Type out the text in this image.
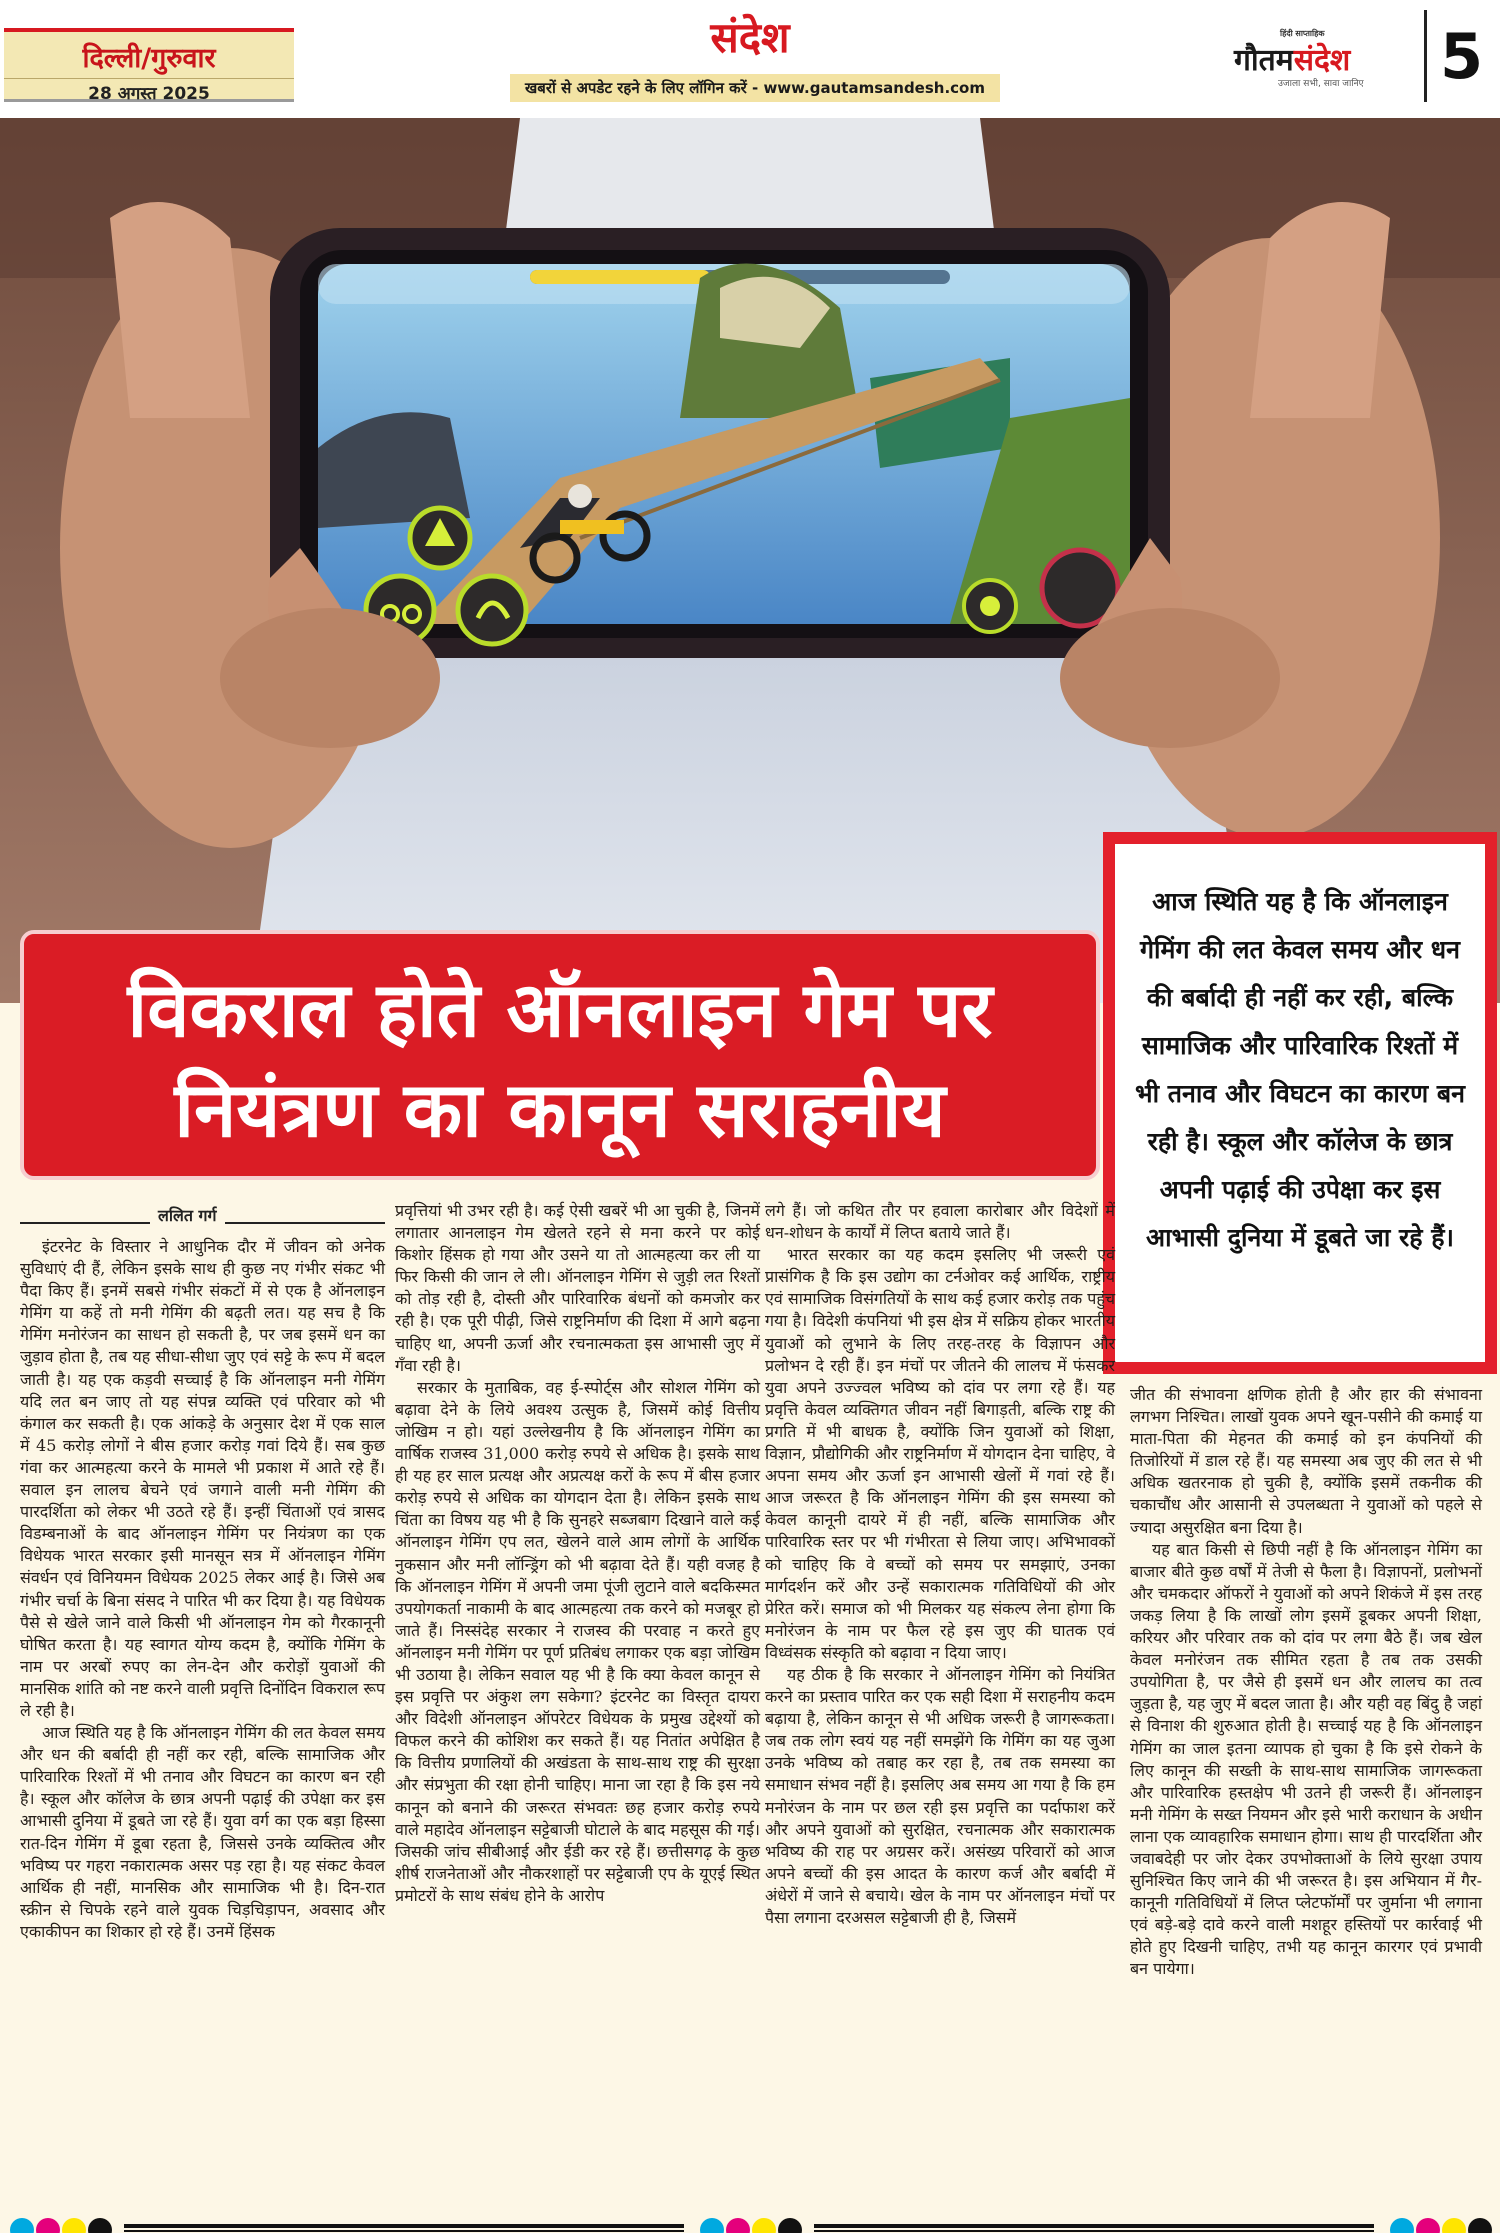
दिल्ली/गुरुवार
28 अगस्त 2025
संदेश
खबरों से अपडेट रहने के लिए लॉगिन करें - www.gautamsandesh.com
हिंदी साप्ताहिक
गौतमसंदेश
उजाला सभी, सावा जानिए 5
विकराल होते ऑनलाइन गेम पर
नियंत्रण का कानून सराहनीय
आज स्थिति यह है कि ऑनलाइन गेमिंग की लत केवल समय और धन की बर्बादी ही नहीं कर रही, बल्कि सामाजिक और पारिवारिक रिश्तों में भी तनाव और विघटन का कारण बन रही है। स्कूल और कॉलेज के छात्र अपनी पढ़ाई की उपेक्षा कर इस आभासी दुनिया में डूबते जा रहे हैं।
ललित गर्ग

इंटरनेट के विस्तार ने आधुनिक दौर में जीवन को अनेक सुविधाएं दी हैं, लेकिन इसके साथ ही कुछ नए गंभीर संकट भी पैदा किए हैं। इनमें सबसे गंभीर संकटों में से एक है ऑनलाइन गेमिंग या कहें तो मनी गेमिंग की बढ़ती लत। यह सच है कि गेमिंग मनोरंजन का साधन हो सकती है, पर जब इसमें धन का जुड़ाव होता है, तब यह सीधा-सीधा जुए एवं सट्टे के रूप में बदल जाती है। यह एक कड़वी सच्चाई है कि ऑनलाइन मनी गेमिंग यदि लत बन जाए तो यह संपन्न व्यक्ति एवं परिवार को भी कंगाल कर सकती है। एक आंकड़े के अनुसार देश में एक साल में 45 करोड़ लोगों ने बीस हजार करोड़ गवां दिये हैं। सब कुछ गंवा कर आत्महत्या करने के मामले भी प्रकाश में आते रहे हैं। सवाल इन लालच बेचने एवं जगाने वाली मनी गेमिंग की पारदर्शिता को लेकर भी उठते रहे हैं। इन्हीं चिंताओं एवं त्रासद विडम्बनाओं के बाद ऑनलाइन गेमिंग पर नियंत्रण का एक विधेयक भारत सरकार इसी मानसून सत्र में ऑनलाइन गेमिंग संवर्धन एवं विनियमन विधेयक 2025 लेकर आई है। जिसे अब गंभीर चर्चा के बिना संसद ने पारित भी कर दिया है। यह विधेयक पैसे से खेले जाने वाले किसी भी ऑनलाइन गेम को गैरकानूनी घोषित करता है। यह स्वागत योग्य कदम है, क्योंकि गेमिंग के नाम पर अरबों रुपए का लेन-देन और करोड़ों युवाओं की मानसिक शांति को नष्ट करने वाली प्रवृत्ति दिनोंदिन विकराल रूप ले रही है।

आज स्थिति यह है कि ऑनलाइन गेमिंग की लत केवल समय और धन की बर्बादी ही नहीं कर रही, बल्कि सामाजिक और पारिवारिक रिश्तों में भी तनाव और विघटन का कारण बन रही है। स्कूल और कॉलेज के छात्र अपनी पढ़ाई की उपेक्षा कर इस आभासी दुनिया में डूबते जा रहे हैं। युवा वर्ग का एक बड़ा हिस्सा रात-दिन गेमिंग में डूबा रहता है, जिससे उनके व्यक्तित्व और भविष्य पर गहरा नकारात्मक असर पड़ रहा है। यह संकट केवल आर्थिक ही नहीं, मानसिक और सामाजिक भी है। दिन-रात स्क्रीन से चिपके रहने वाले युवक चिड़चिड़ापन, अवसाद और एकाकीपन का शिकार हो रहे हैं। उनमें हिंसक

प्रवृत्तियां भी उभर रही है। कई ऐसी खबरें भी आ चुकी है, जिनमें लगातार आनलाइन गेम खेलते रहने से मना करने पर कोई किशोर हिंसक हो गया और उसने या तो आत्महत्या कर ली या फिर किसी की जान ले ली। ऑनलाइन गेमिंग से जुड़ी लत रिश्तों को तोड़ रही है, दोस्ती और पारिवारिक बंधनों को कमजोर कर रही है। एक पूरी पीढ़ी, जिसे राष्ट्रनिर्माण की दिशा में आगे बढ़ना चाहिए था, अपनी ऊर्जा और रचनात्मकता इस आभासी जुए में गँवा रही है।

सरकार के मुताबिक, वह ई-स्पोर्ट्स और सोशल गेमिंग को बढ़ावा देने के लिये अवश्य उत्सुक है, जिसमें कोई वित्तीय जोखिम न हो। यहां उल्लेखनीय है कि ऑनलाइन गेमिंग का वार्षिक राजस्व 31,000 करोड़ रुपये से अधिक है। इसके साथ ही यह हर साल प्रत्यक्ष और अप्रत्यक्ष करों के रूप में बीस हजार करोड़ रुपये से अधिक का योगदान देता है। लेकिन इसके साथ चिंता का विषय यह भी है कि सुनहरे सब्जबाग दिखाने वाले कई ऑनलाइन गेमिंग एप लत, खेलने वाले आम लोगों के आर्थिक नुकसान और मनी लॉन्ड्रिंग को भी बढ़ावा देते हैं। यही वजह है कि ऑनलाइन गेमिंग में अपनी जमा पूंजी लुटाने वाले बदकिस्मत उपयोगकर्ता नाकामी के बाद आत्महत्या तक करने को मजबूर हो जाते हैं। निस्संदेह सरकार ने राजस्व की परवाह न करते हुए ऑनलाइन मनी गेमिंग पर पूर्ण प्रतिबंध लगाकर एक बड़ा जोखिम भी उठाया है। लेकिन सवाल यह भी है कि क्या केवल कानून से इस प्रवृत्ति पर अंकुश लग सकेगा? इंटरनेट का विस्तृत दायरा और विदेशी ऑनलाइन ऑपरेटर विधेयक के प्रमुख उद्देश्यों को विफल करने की कोशिश कर सकते हैं। यह नितांत अपेक्षित है कि वित्तीय प्रणालियों की अखंडता के साथ-साथ राष्ट्र की सुरक्षा और संप्रभुता की रक्षा होनी चाहिए। माना जा रहा है कि इस नये कानून को बनाने की जरूरत संभवतः छह हजार करोड़ रुपये वाले महादेव ऑनलाइन सट्टेबाजी घोटाले के बाद महसूस की गई। जिसकी जांच सीबीआई और ईडी कर रहे हैं। छत्तीसगढ़ के कुछ शीर्ष राजनेताओं और नौकरशाहों पर सट्टेबाजी एप के यूएई स्थित प्रमोटरों के साथ संबंध होने के आरोप

लगे हैं। जो कथित तौर पर हवाला कारोबार और विदेशों में धन-शोधन के कार्यों में लिप्त बताये जाते हैं।

भारत सरकार का यह कदम इसलिए भी जरूरी एवं प्रासंगिक है कि इस उद्योग का टर्नओवर कई आर्थिक, राष्ट्रीय एवं सामाजिक विसंगतियों के साथ कई हजार करोड़ तक पहुंच गया है। विदेशी कंपनियां भी इस क्षेत्र में सक्रिय होकर भारतीय युवाओं को लुभाने के लिए तरह-तरह के विज्ञापन और प्रलोभन दे रही हैं। इन मंचों पर जीतने की लालच में फंसकर युवा अपने उज्ज्वल भविष्य को दांव पर लगा रहे हैं। यह प्रवृत्ति केवल व्यक्तिगत जीवन नहीं बिगाड़ती, बल्कि राष्ट्र की प्रगति में भी बाधक है, क्योंकि जिन युवाओं को शिक्षा, विज्ञान, प्रौद्योगिकी और राष्ट्रनिर्माण में योगदान देना चाहिए, वे अपना समय और ऊर्जा इन आभासी खेलों में गवां रहे हैं। आज जरूरत है कि ऑनलाइन गेमिंग की इस समस्या को केवल कानूनी दायरे में ही नहीं, बल्कि सामाजिक और पारिवारिक स्तर पर भी गंभीरता से लिया जाए। अभिभावकों को चाहिए कि वे बच्चों को समय पर समझाएं, उनका मार्गदर्शन करें और उन्हें सकारात्मक गतिविधियों की ओर प्रेरित करें। समाज को भी मिलकर यह संकल्प लेना होगा कि मनोरंजन के नाम पर फैल रहे इस जुए की घातक एवं विध्वंसक संस्कृति को बढ़ावा न दिया जाए।

यह ठीक है कि सरकार ने ऑनलाइन गेमिंग को नियंत्रित करने का प्रस्ताव पारित कर एक सही दिशा में सराहनीय कदम बढ़ाया है, लेकिन कानून से भी अधिक जरूरी है जागरूकता। जब तक लोग स्वयं यह नहीं समझेंगे कि गेमिंग का यह जुआ उनके भविष्य को तबाह कर रहा है, तब तक समस्या का समाधान संभव नहीं है। इसलिए अब समय आ गया है कि हम मनोरंजन के नाम पर छल रही इस प्रवृत्ति का पर्दाफाश करें और अपने युवाओं को सुरक्षित, रचनात्मक और सकारात्मक भविष्य की राह पर अग्रसर करें। असंख्य परिवारों को आज अपने बच्चों की इस आदत के कारण कर्ज और बर्बादी में अंधेरों में जाने से बचाये। खेल के नाम पर ऑनलाइन मंचों पर पैसा लगाना दरअसल सट्टेबाजी ही है, जिसमें

जीत की संभावना क्षणिक होती है और हार की संभावना लगभग निश्चित। लाखों युवक अपने खून-पसीने की कमाई या माता-पिता की मेहनत की कमाई को इन कंपनियों की तिजोरियों में डाल रहे हैं। यह समस्या अब जुए की लत से भी अधिक खतरनाक हो चुकी है, क्योंकि इसमें तकनीक की चकाचौंध और आसानी से उपलब्धता ने युवाओं को पहले से ज्यादा असुरक्षित बना दिया है।

यह बात किसी से छिपी नहीं है कि ऑनलाइन गेमिंग का बाजार बीते कुछ वर्षों में तेजी से फैला है। विज्ञापनों, प्रलोभनों और चमकदार ऑफरों ने युवाओं को अपने शिकंजे में इस तरह जकड़ लिया है कि लाखों लोग इसमें डूबकर अपनी शिक्षा, करियर और परिवार तक को दांव पर लगा बैठे हैं। जब खेल केवल मनोरंजन तक सीमित रहता है तब तक उसकी उपयोगिता है, पर जैसे ही इसमें धन और लालच का तत्व जुड़ता है, यह जुए में बदल जाता है। और यही वह बिंदु है जहां से विनाश की शुरुआत होती है। सच्चाई यह है कि ऑनलाइन गेमिंग का जाल इतना व्यापक हो चुका है कि इसे रोकने के लिए कानून की सख्ती के साथ-साथ सामाजिक जागरूकता और पारिवारिक हस्तक्षेप भी उतने ही जरूरी हैं। ऑनलाइन मनी गेमिंग के सख्त नियमन और इसे भारी कराधान के अधीन लाना एक व्यावहारिक समाधान होगा। साथ ही पारदर्शिता और जवाबदेही पर जोर देकर उपभोक्ताओं के लिये सुरक्षा उपाय सुनिश्चित किए जाने की भी जरूरत है। इस अभियान में गैर-कानूनी गतिविधियों में लिप्त प्लेटफॉर्मों पर जुर्माना भी लगाना एवं बड़े-बड़े दावे करने वाली मशहूर हस्तियों पर कार्रवाई भी होते हुए दिखनी चाहिए, तभी यह कानून कारगर एवं प्रभावी बन पायेगा।
